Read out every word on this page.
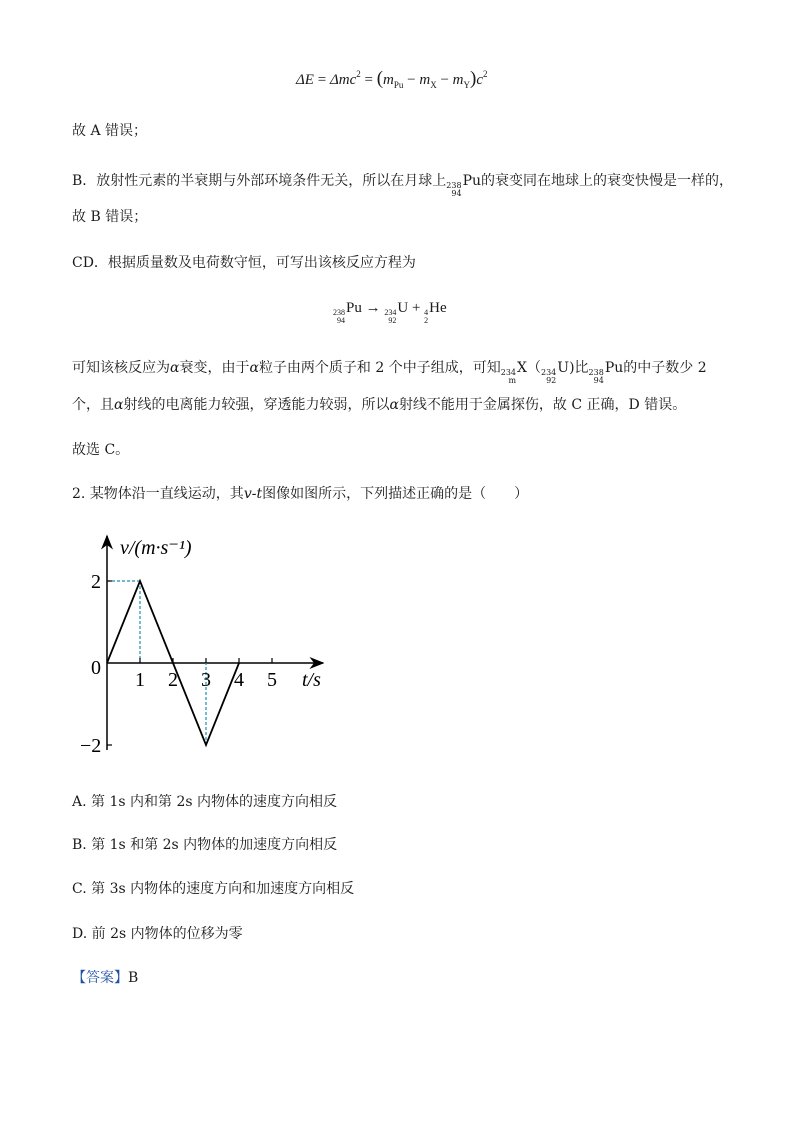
$\Delta E = \Delta mc^2 = (m_{Pu} - m_X - m_Y)c^2$
故 A 错误；
B．放射性元素的半衰期与外部环境条件无关，所以在月球上 238
94
Pu的衰变同在地球上的衰变快慢是一样的，
故 B 错误；
CD．根据质量数及电荷数守恒，可写出该核反应方程为
238
94
Pu → 234
92
U + 4
2
He
可知该核反应为α衰变，由于α粒子由两个质子和 2 个中子组成，可知 234
m
X（ 234
92
U)比 238
94
Pu的中子数少 2
个，且α射线的电离能力较强，穿透能力较弱，所以α射线不能用于金属探伤，故 C 正确，D 错误。
故选 C。
2. 某物体沿一直线运动，其v-t图像如图所示，下列描述正确的是（　　）
v/(m·s⁻¹)
t/s
0
1 2 3 4 5
2
−2
A. 第 1s 内和第 2s 内物体的速度方向相反
B. 第 1s 和第 2s 内物体的加速度方向相反
C. 第 3s 内物体的速度方向和加速度方向相反
D. 前 2s 内物体的位移为零
【答案】B
